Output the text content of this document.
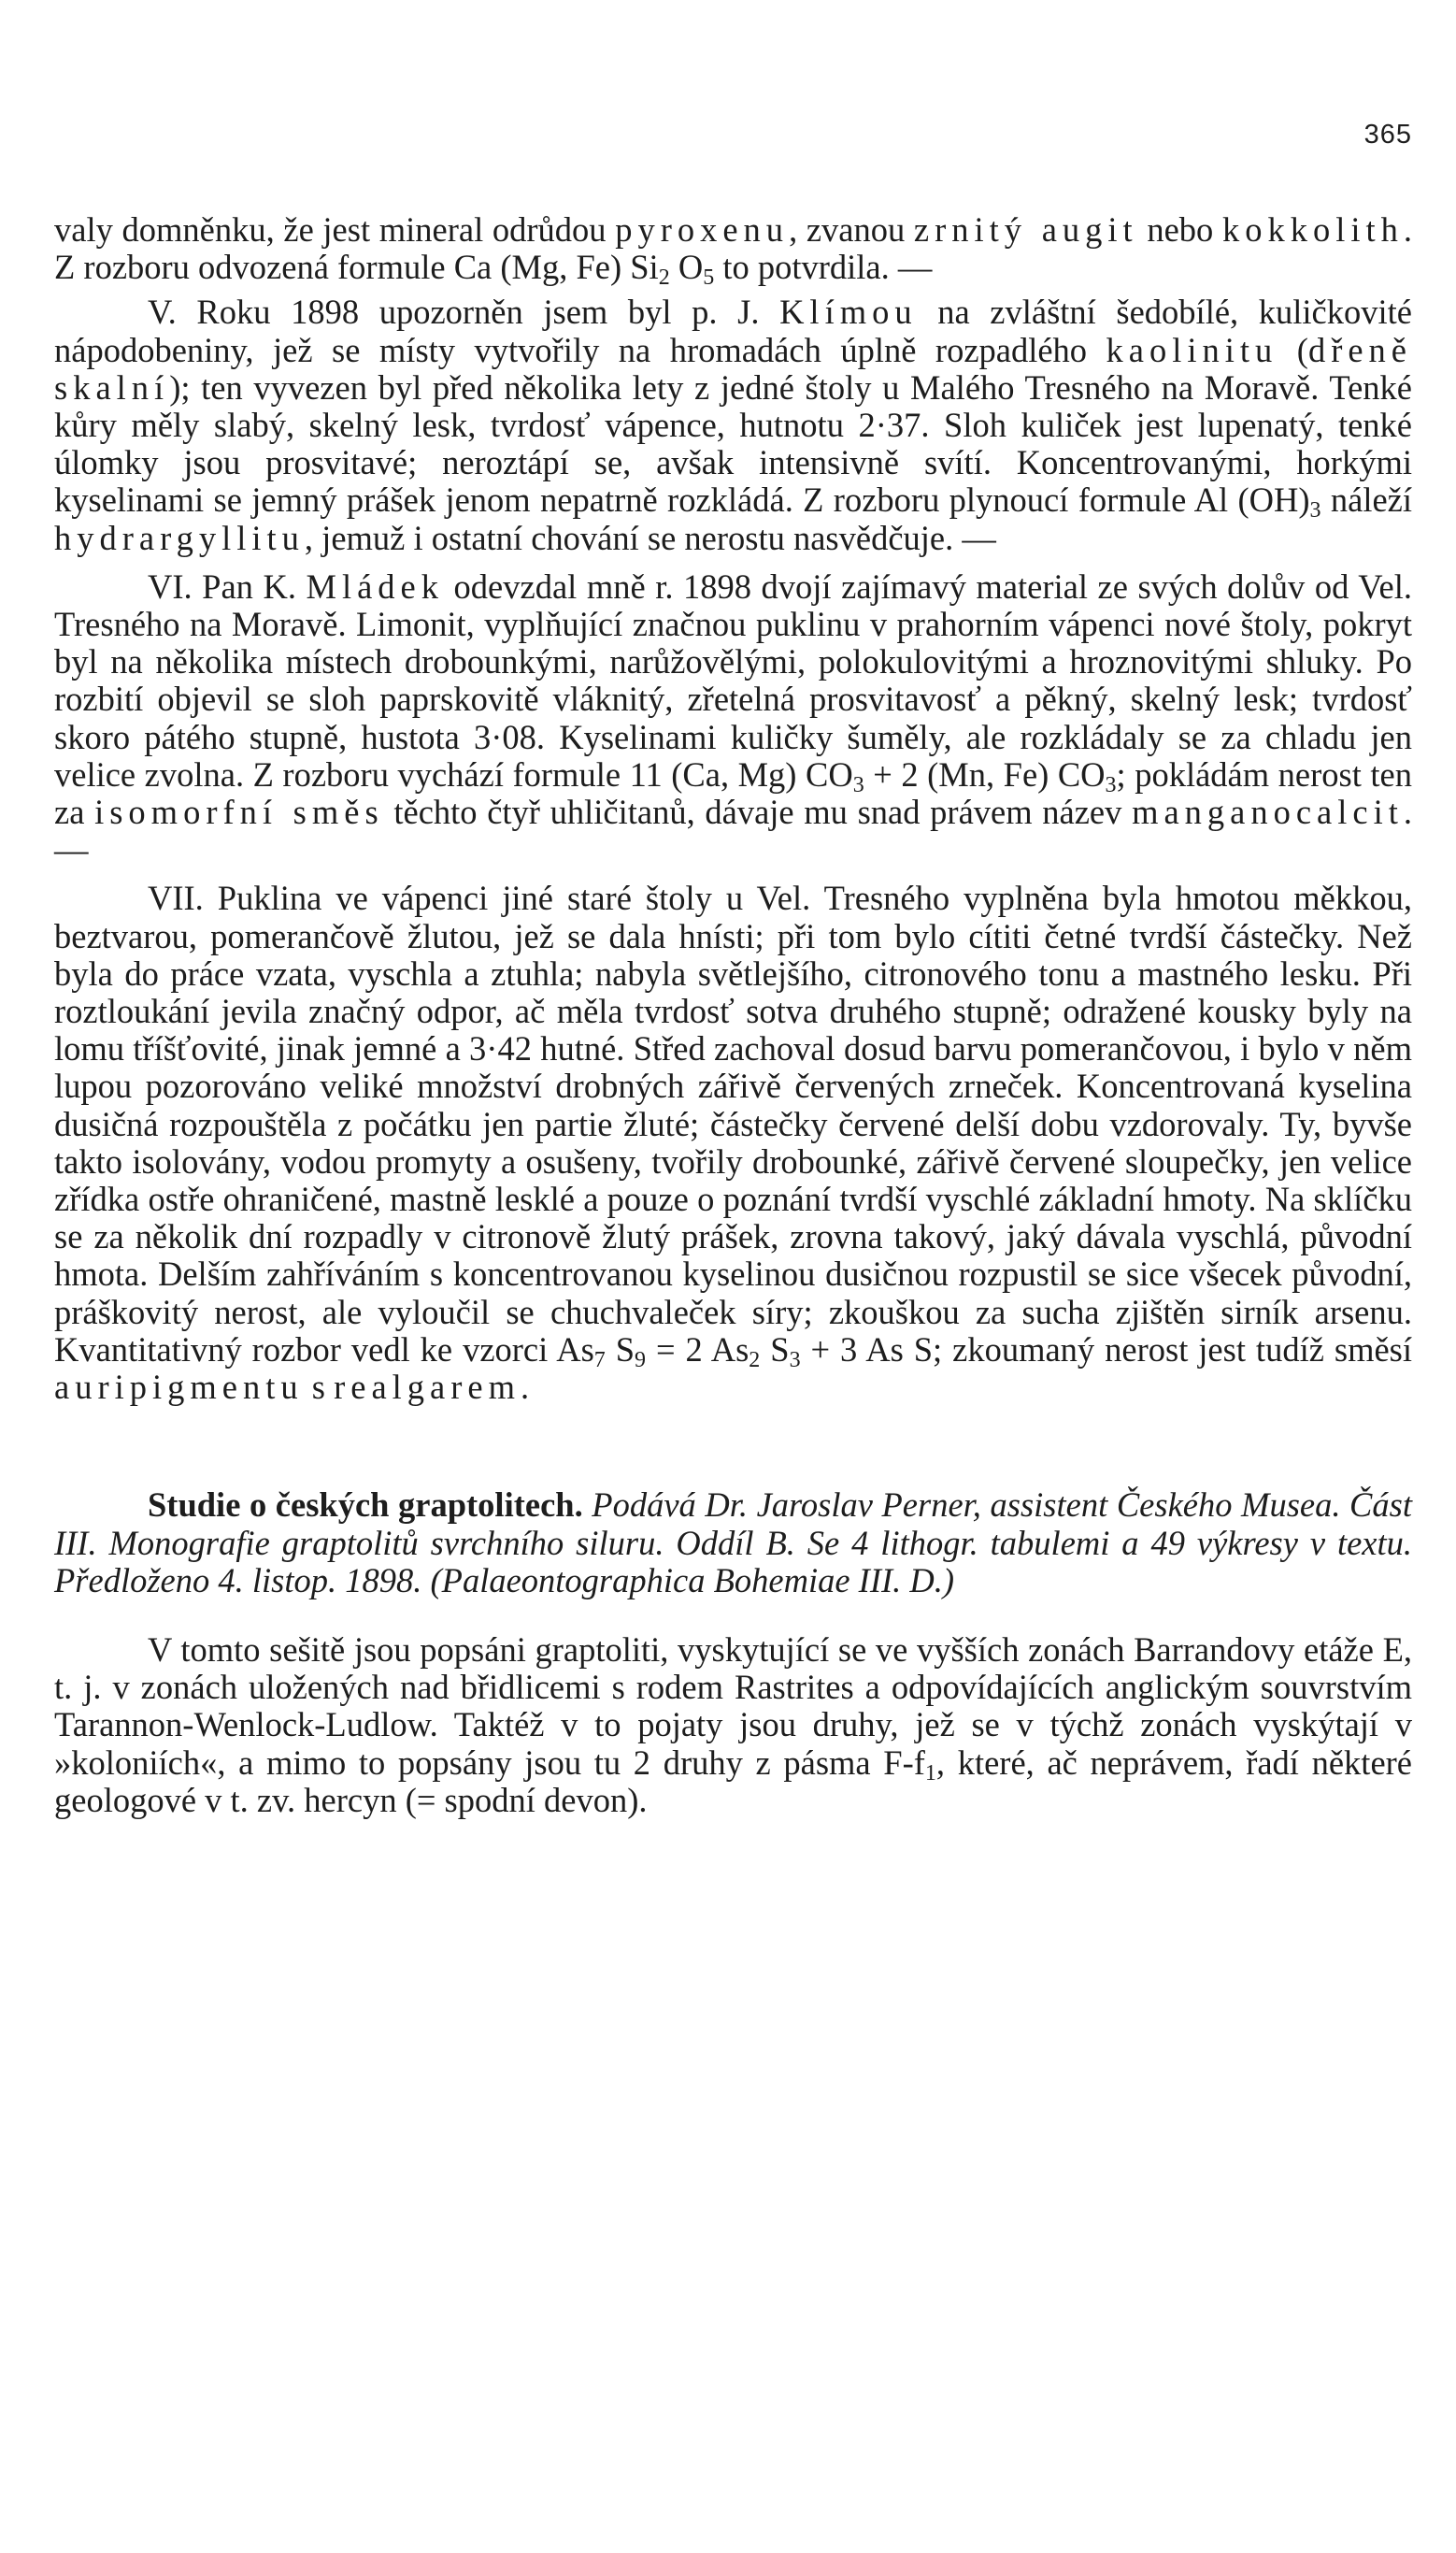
365

valy domněnku, že jest mineral odrůdou pyroxenu, zvanou zrnitý augit nebo kokkolith. Z rozboru odvozená formule Ca (Mg, Fe) $Si_2$ $O_5$ to potvrdila. —

V. Roku 1898 upozorněn jsem byl p. J. Klímou na zvláštní šedobílé, kuličkovité nápodobeniny, jež se místy vytvořily na hromadách úplně rozpadlého kaolinitu (dřeně skalní); ten vyvezen byl před několika lety z jedné štoly u Malého Tresného na Moravě. Tenké kůry měly slabý, skelný lesk, tvrdosť vápence, hutnotu 2·37. Sloh kuliček jest lupenatý, tenké úlomky jsou prosvitavé; neroztápí se, avšak intensivně svítí. Koncentrovanými, horkými kyselinami se jemný prášek jenom nepatrně rozkládá. Z rozboru plynoucí formule Al $(OH)_3$ náleží hydrargyllitu, jemuž i ostatní chování se nerostu nasvědčuje. —

VI. Pan K. Mládek odevzdal mně r. 1898 dvojí zajímavý material ze svých dolův od Vel. Tresného na Moravě. Limonit, vyplňující značnou puklinu v prahorním vápenci nové štoly, pokryt byl na několika místech drobounkými, narůžovělými, polokulovitými a hroznovitými shluky. Po rozbití objevil se sloh paprskovitě vláknitý, zřetelná prosvitavosť a pěkný, skelný lesk; tvrdosť skoro pátého stupně, hustota 3·08. Kyselinami kuličky šuměly, ale rozkládaly se za chladu jen velice zvolna. Z rozboru vychází formule 11 (Ca, Mg) $CO_3 + 2$ (Mn, Fe) $CO_3$; pokládám nerost ten za isomorfní směs těchto čtyř uhličitanů, dávaje mu snad právem název manganocalcit. —

VII. Puklina ve vápenci jiné staré štoly u Vel. Tresného vyplněna byla hmotou měkkou, beztvarou, pomerančově žlutou, jež se dala hnísti; při tom bylo cítiti četné tvrdší částečky. Než byla do práce vzata, vyschla a ztuhla; nabyla světlejšího, citronového tonu a mastného lesku. Při roztloukání jevila značný odpor, ač měla tvrdosť sotva druhého stupně; odražené kousky byly na lomu tříšťovité, jinak jemné a 3·42 hutné. Střed zachoval dosud barvu pomerančovou, i bylo v něm lupou pozorováno veliké množství drobných zářivě červených zrneček. Koncentrovaná kyselina dusičná rozpouštěla z počátku jen partie žluté; částečky červené delší dobu vzdorovaly. Ty, byvše takto isolovány, vodou promyty a osušeny, tvořily drobounké, zářivě červené sloupečky, jen velice zřídka ostře ohraničené, mastně lesklé a pouze o poznání tvrdší vyschlé základní hmoty. Na sklíčku se za několik dní rozpadly v citronově žlutý prášek, zrovna takový, jaký dávala vyschlá, původní hmota. Delším zahříváním s koncentrovanou kyselinou dusičnou rozpustil se sice všecek původní, práškovitý nerost, ale vyloučil se chuchvaleček síry; zkouškou za sucha zjištěn sirník arsenu. Kvantitativný rozbor vedl ke vzorci $As_7$ $S_9 = 2$ $As_2$ $S_3 + 3$ As S; zkoumaný nerost jest tudíž směsí auripigmentu s realgarem.

Studie o českých graptolitech. Podává Dr. Jaroslav Perner, assistent Českého Musea. Část III. Monografie graptolitů svrchního siluru. Oddíl B. Se 4 lithogr. tabulemi a 49 výkresy v textu. Předloženo 4. listop. 1898. (Palaeontographica Bohemiae III. D.)

V tomto sešitě jsou popsáni graptoliti, vyskytující se ve vyšších zonách Barrandovy etáže E, t. j. v zonách uložených nad břidlicemi s rodem Rastrites a odpovídajících anglickým souvrstvím Tarannon-Wenlock-Ludlow. Taktéž v to pojaty jsou druhy, jež se v týchž zonách vyskýtají v »koloniích«, a mimo to popsány jsou tu 2 druhy z pásma $F-f_1$, které, ač neprávem, řadí některé geologové v t. zv. hercyn (= spodní devon).
